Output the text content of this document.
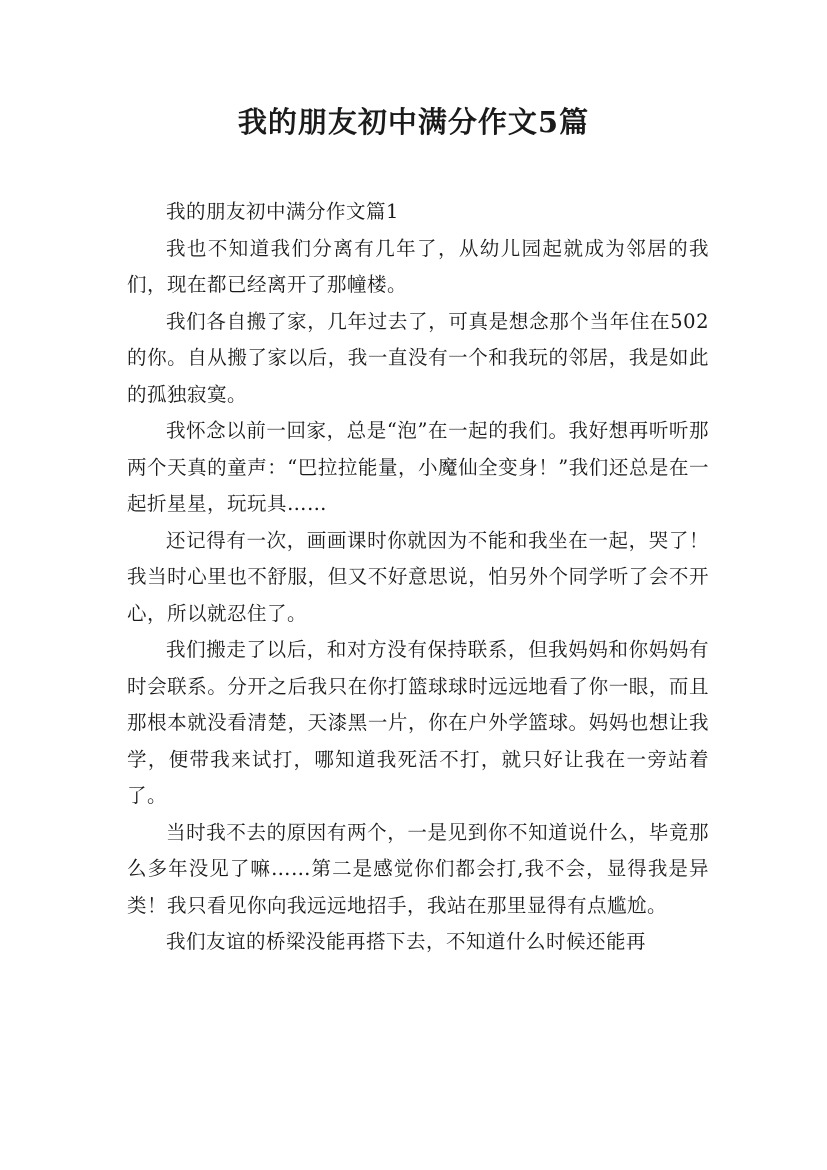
我的朋友初中满分作文5篇

我的朋友初中满分作文篇1

我也不知道我们分离有几年了，从幼儿园起就成为邻居的我们，现在都已经离开了那幢楼。

我们各自搬了家，几年过去了，可真是想念那个当年住在502的你。自从搬了家以后，我一直没有一个和我玩的邻居，我是如此的孤独寂寞。

我怀念以前一回家，总是“泡”在一起的我们。我好想再听听那两个天真的童声：“巴拉拉能量，小魔仙全变身！”我们还总是在一起折星星，玩玩具……

还记得有一次，画画课时你就因为不能和我坐在一起，哭了！我当时心里也不舒服，但又不好意思说，怕另外个同学听了会不开心，所以就忍住了。

我们搬走了以后，和对方没有保持联系，但我妈妈和你妈妈有时会联系。分开之后我只在你打篮球球时远远地看了你一眼，而且那根本就没看清楚，天漆黑一片，你在户外学篮球。妈妈也想让我学，便带我来试打，哪知道我死活不打，就只好让我在一旁站着了。

当时我不去的原因有两个，一是见到你不知道说什么，毕竟那么多年没见了嘛……第二是感觉你们都会打,我不会，显得我是异类！我只看见你向我远远地招手，我站在那里显得有点尴尬。

我们友谊的桥梁没能再搭下去，不知道什么时候还能再
